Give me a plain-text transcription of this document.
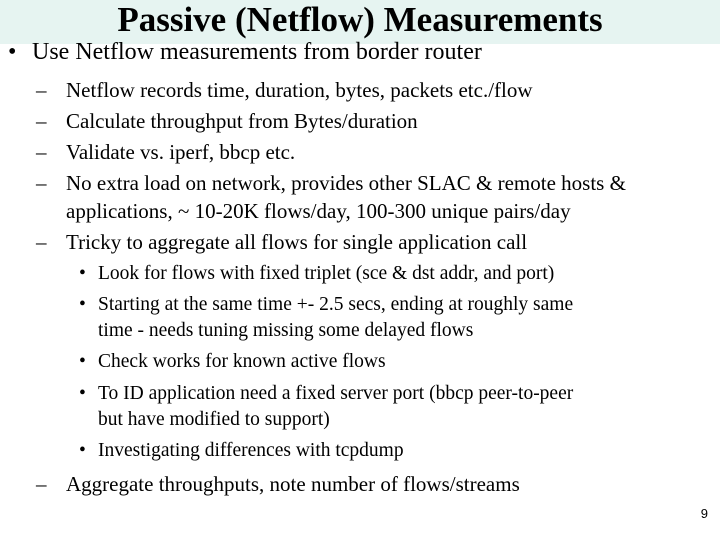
Passive (Netflow) Measurements
• Use Netflow measurements from border router
– Netflow records time, duration, bytes, packets etc./flow
– Calculate throughput from Bytes/duration
– Validate vs. iperf, bbcp etc.
– No extra load on network, provides other SLAC & remote hosts &
applications, ~ 10-20K flows/day, 100-300 unique pairs/day
– Tricky to aggregate all flows for single application call
• Look for flows with fixed triplet (sce & dst addr, and port)
• Starting at the same time +- 2.5 secs, ending at roughly same
time - needs tuning missing some delayed flows
• Check works for known active flows
• To ID application need a fixed server port (bbcp peer-to-peer
but have modified to support)
• Investigating differences with tcpdump
– Aggregate throughputs, note number of flows/streams
9
